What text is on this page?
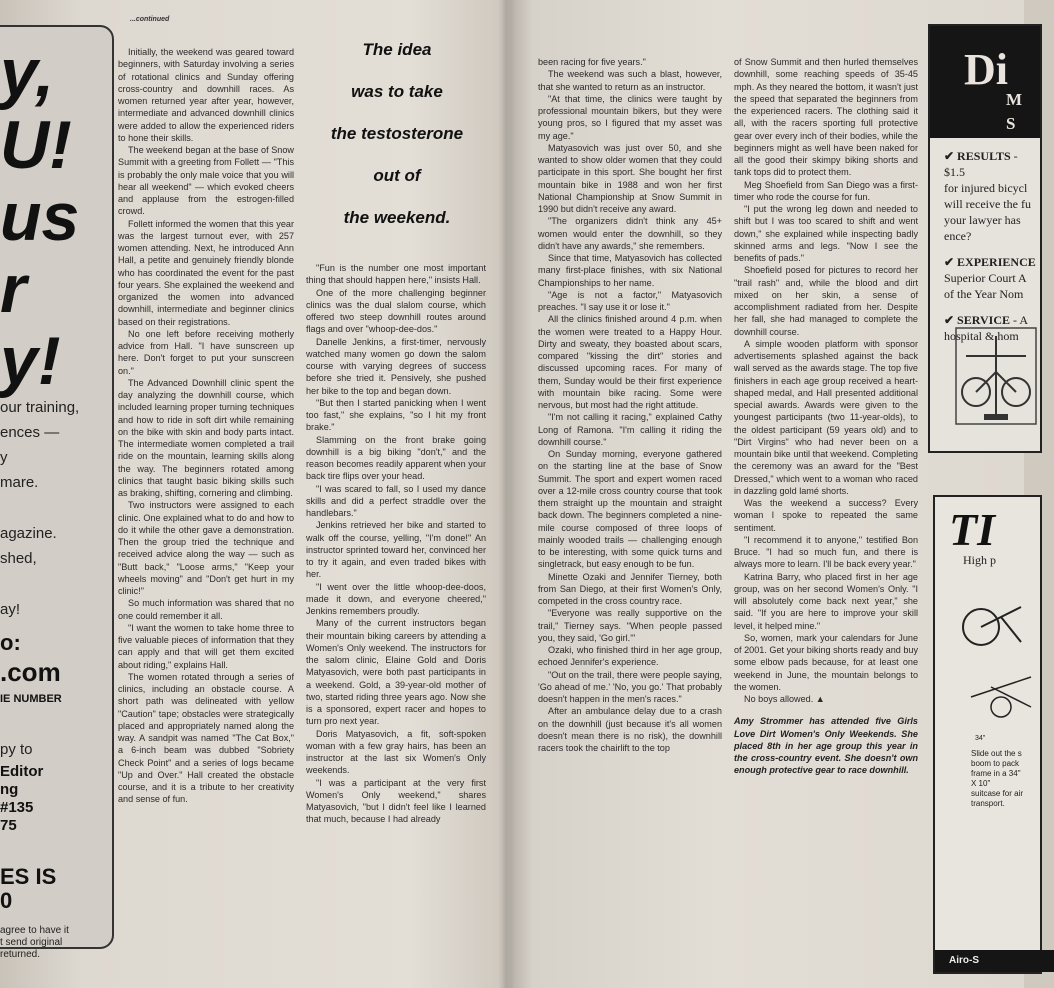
y,
U!
us
r
y!
our training,
ences —
y
mare.
agazine.
shed,
ay!
o:
.com
IE NUMBER
py to
Editor
ng
#135
75
ES IS
0
agree to have it
t send original
returned.
...continued

Initially, the weekend was geared toward beginners, with Saturday involving a series of rotational clinics and Sunday offering cross-country and downhill races. As women returned year after year, however, intermediate and advanced downhill clinics were added to allow the experienced riders to hone their skills.

The weekend began at the base of Snow Summit with a greeting from Follett — "This is probably the only male voice that you will hear all weekend" — which evoked cheers and applause from the estrogen-filled crowd.

Follett informed the women that this year was the largest turnout ever, with 257 women attending. Next, he introduced Ann Hall, a petite and genuinely friendly blonde who has coordinated the event for the past four years. She explained the weekend and organized the women into advanced downhill, intermediate and beginner clinics based on their registrations.

No one left before receiving motherly advice from Hall. "I have sunscreen up here. Don't forget to put your sunscreen on."

The Advanced Downhill clinic spent the day analyzing the downhill course, which included learning proper turning techniques and how to ride in soft dirt while remaining on the bike with skin and body parts intact. The intermediate women completed a trail ride on the mountain, learning skills along the way. The beginners rotated among clinics that taught basic biking skills such as braking, shifting, cornering and climbing.

Two instructors were assigned to each clinic. One explained what to do and how to do it while the other gave a demonstration. Then the group tried the technique and received advice along the way — such as "Butt back," "Loose arms," "Keep your wheels moving" and "Don't get hurt in my clinic!"

So much information was shared that no one could remember it all.

"I want the women to take home three to five valuable pieces of information that they can apply and that will get them excited about riding," explains Hall.

The women rotated through a series of clinics, including an obstacle course. A short path was delineated with yellow "Caution" tape; obstacles were strategically placed and appropriately named along the way. A sandpit was named "The Cat Box," a 6-inch beam was dubbed "Sobriety Check Point" and a series of logs became "Up and Over." Hall created the obstacle course, and it is a tribute to her creativity and sense of fun.

The idea
was to take
the testosterone
out of
the weekend.

"Fun is the number one most important thing that should happen here," insists Hall.

One of the more challenging beginner clinics was the dual slalom course, which offered two steep downhill routes around flags and over "whoop-dee-dos."

Danelle Jenkins, a first-timer, nervously watched many women go down the salom course with varying degrees of success before she tried it. Pensively, she pushed her bike to the top and began down.

"But then I started panicking when I went too fast," she explains, "so I hit my front brake."

Slamming on the front brake going downhill is a big biking "don't," and the reason becomes readily apparent when your back tire flips over your head.

"I was scared to fall, so I used my dance skills and did a perfect straddle over the handlebars."

Jenkins retrieved her bike and started to walk off the course, yelling, "I'm done!" An instructor sprinted toward her, convinced her to try it again, and even traded bikes with her.

"I went over the little whoop-dee-doos, made it down, and everyone cheered," Jenkins remembers proudly.

Many of the current instructors began their mountain biking careers by attending a Women's Only weekend. The instructors for the salom clinic, Elaine Gold and Doris Matyasovich, were both past participants in a weekend. Gold, a 39-year-old mother of two, started riding three years ago. Now she is a sponsored, expert racer and hopes to turn pro next year.

Doris Matyasovich, a fit, soft-spoken woman with a few gray hairs, has been an instructor at the last six Women's Only weekends.

"I was a participant at the very first Women's Only weekend," shares Matyasovich, "but I didn't feel like I learned that much, because I had already

been racing for five years."

The weekend was such a blast, however, that she wanted to return as an instructor.

"At that time, the clinics were taught by professional mountain bikers, but they were young pros, so I figured that my asset was my age."

Matyasovich was just over 50, and she wanted to show older women that they could participate in this sport. She bought her first mountain bike in 1988 and won her first National Championship at Snow Summit in 1990 but didn't receive any award.

"The organizers didn't think any 45+ women would enter the downhill, so they didn't have any awards," she remembers.

Since that time, Matyasovich has collected many first-place finishes, with six National Championships to her name.

"Age is not a factor," Matyasovich preaches. "I say use it or lose it."

All the clinics finished around 4 p.m. when the women were treated to a Happy Hour. Dirty and sweaty, they boasted about scars, compared "kissing the dirt" stories and discussed upcoming races. For many of them, Sunday would be their first experience with mountain bike racing. Some were nervous, but most had the right attitude.

"I'm not calling it racing," explained Cathy Long of Ramona. "I'm calling it riding the downhill course."

On Sunday morning, everyone gathered on the starting line at the base of Snow Summit. The sport and expert women raced over a 12-mile cross country course that took them straight up the mountain and straight back down. The beginners completed a nine-mile course composed of three loops of mainly wooded trails — challenging enough to be interesting, with some quick turns and singletrack, but easy enough to be fun.

Minette Ozaki and Jennifer Tierney, both from San Diego, at their first Women's Only, competed in the cross country race.

"Everyone was really supportive on the trail," Tierney says. "When people passed you, they said, 'Go girl.'"

Ozaki, who finished third in her age group, echoed Jennifer's experience.

"Out on the trail, there were people saying, 'Go ahead of me.' 'No, you go.' That probably doesn't happen in the men's races."

After an ambulance delay due to a crash on the downhill (just because it's all women doesn't mean there is no risk), the downhill racers took the chairlift to the top

of Snow Summit and then hurled themselves downhill, some reaching speeds of 35-45 mph. As they neared the bottom, it wasn't just the speed that separated the beginners from the experienced racers. The clothing said it all, with the racers sporting full protective gear over every inch of their bodies, while the beginners might as well have been naked for all the good their skimpy biking shorts and tank tops did to protect them.

Meg Shoefield from San Diego was a first-timer who rode the course for fun.

"I put the wrong leg down and needed to shift but I was too scared to shift and went down," she explained while inspecting badly skinned arms and legs. "Now I see the benefits of pads."

Shoefield posed for pictures to record her "trail rash" and, while the blood and dirt mixed on her skin, a sense of accomplishment radiated from her. Despite her fall, she had managed to complete the downhill course.

A simple wooden platform with sponsor advertisements splashed against the back wall served as the awards stage. The top five finishers in each age group received a heart-shaped medal, and Hall presented additional special awards. Awards were given to the youngest participants (two 11-year-olds), to the oldest participant (59 years old) and to "Dirt Virgins" who had never been on a mountain bike until that weekend. Completing the ceremony was an award for the "Best Dressed," which went to a woman who raced in dazzling gold lamé shorts.

Was the weekend a success? Every woman I spoke to repeated the same sentiment.

"I recommend it to anyone," testified Bon Bruce. "I had so much fun, and there is always more to learn. I'll be back every year."

Katrina Barry, who placed first in her age group, was on her second Women's Only. "I will absolutely come back next year," she said. "If you are here to improve your skill level, it helped mine."

So, women, mark your calendars for June of 2001. Get your biking shorts ready and buy some elbow pads because, for at least one weekend in June, the mountain belongs to the women.

No boys allowed. ▲

Amy Strommer has attended five Girls Love Dirt Women's Only Weekends. She placed 8th in her age group this year in the cross-country event. She doesn't own enough protective gear to race downhill.

Di
M
S
✔ RESULTS - $1.5
for injured bicycl
will receive the fu
your lawyer has
ence?
✔ EXPERIENCE
Superior Court A
of the Year Nom
✔ SERVICE - A
hospital & hom
TI
High p
34"
Slide out the s
boom to pack
frame in a 34"
X 10"
suitcase for air
transport.
Airo-S
